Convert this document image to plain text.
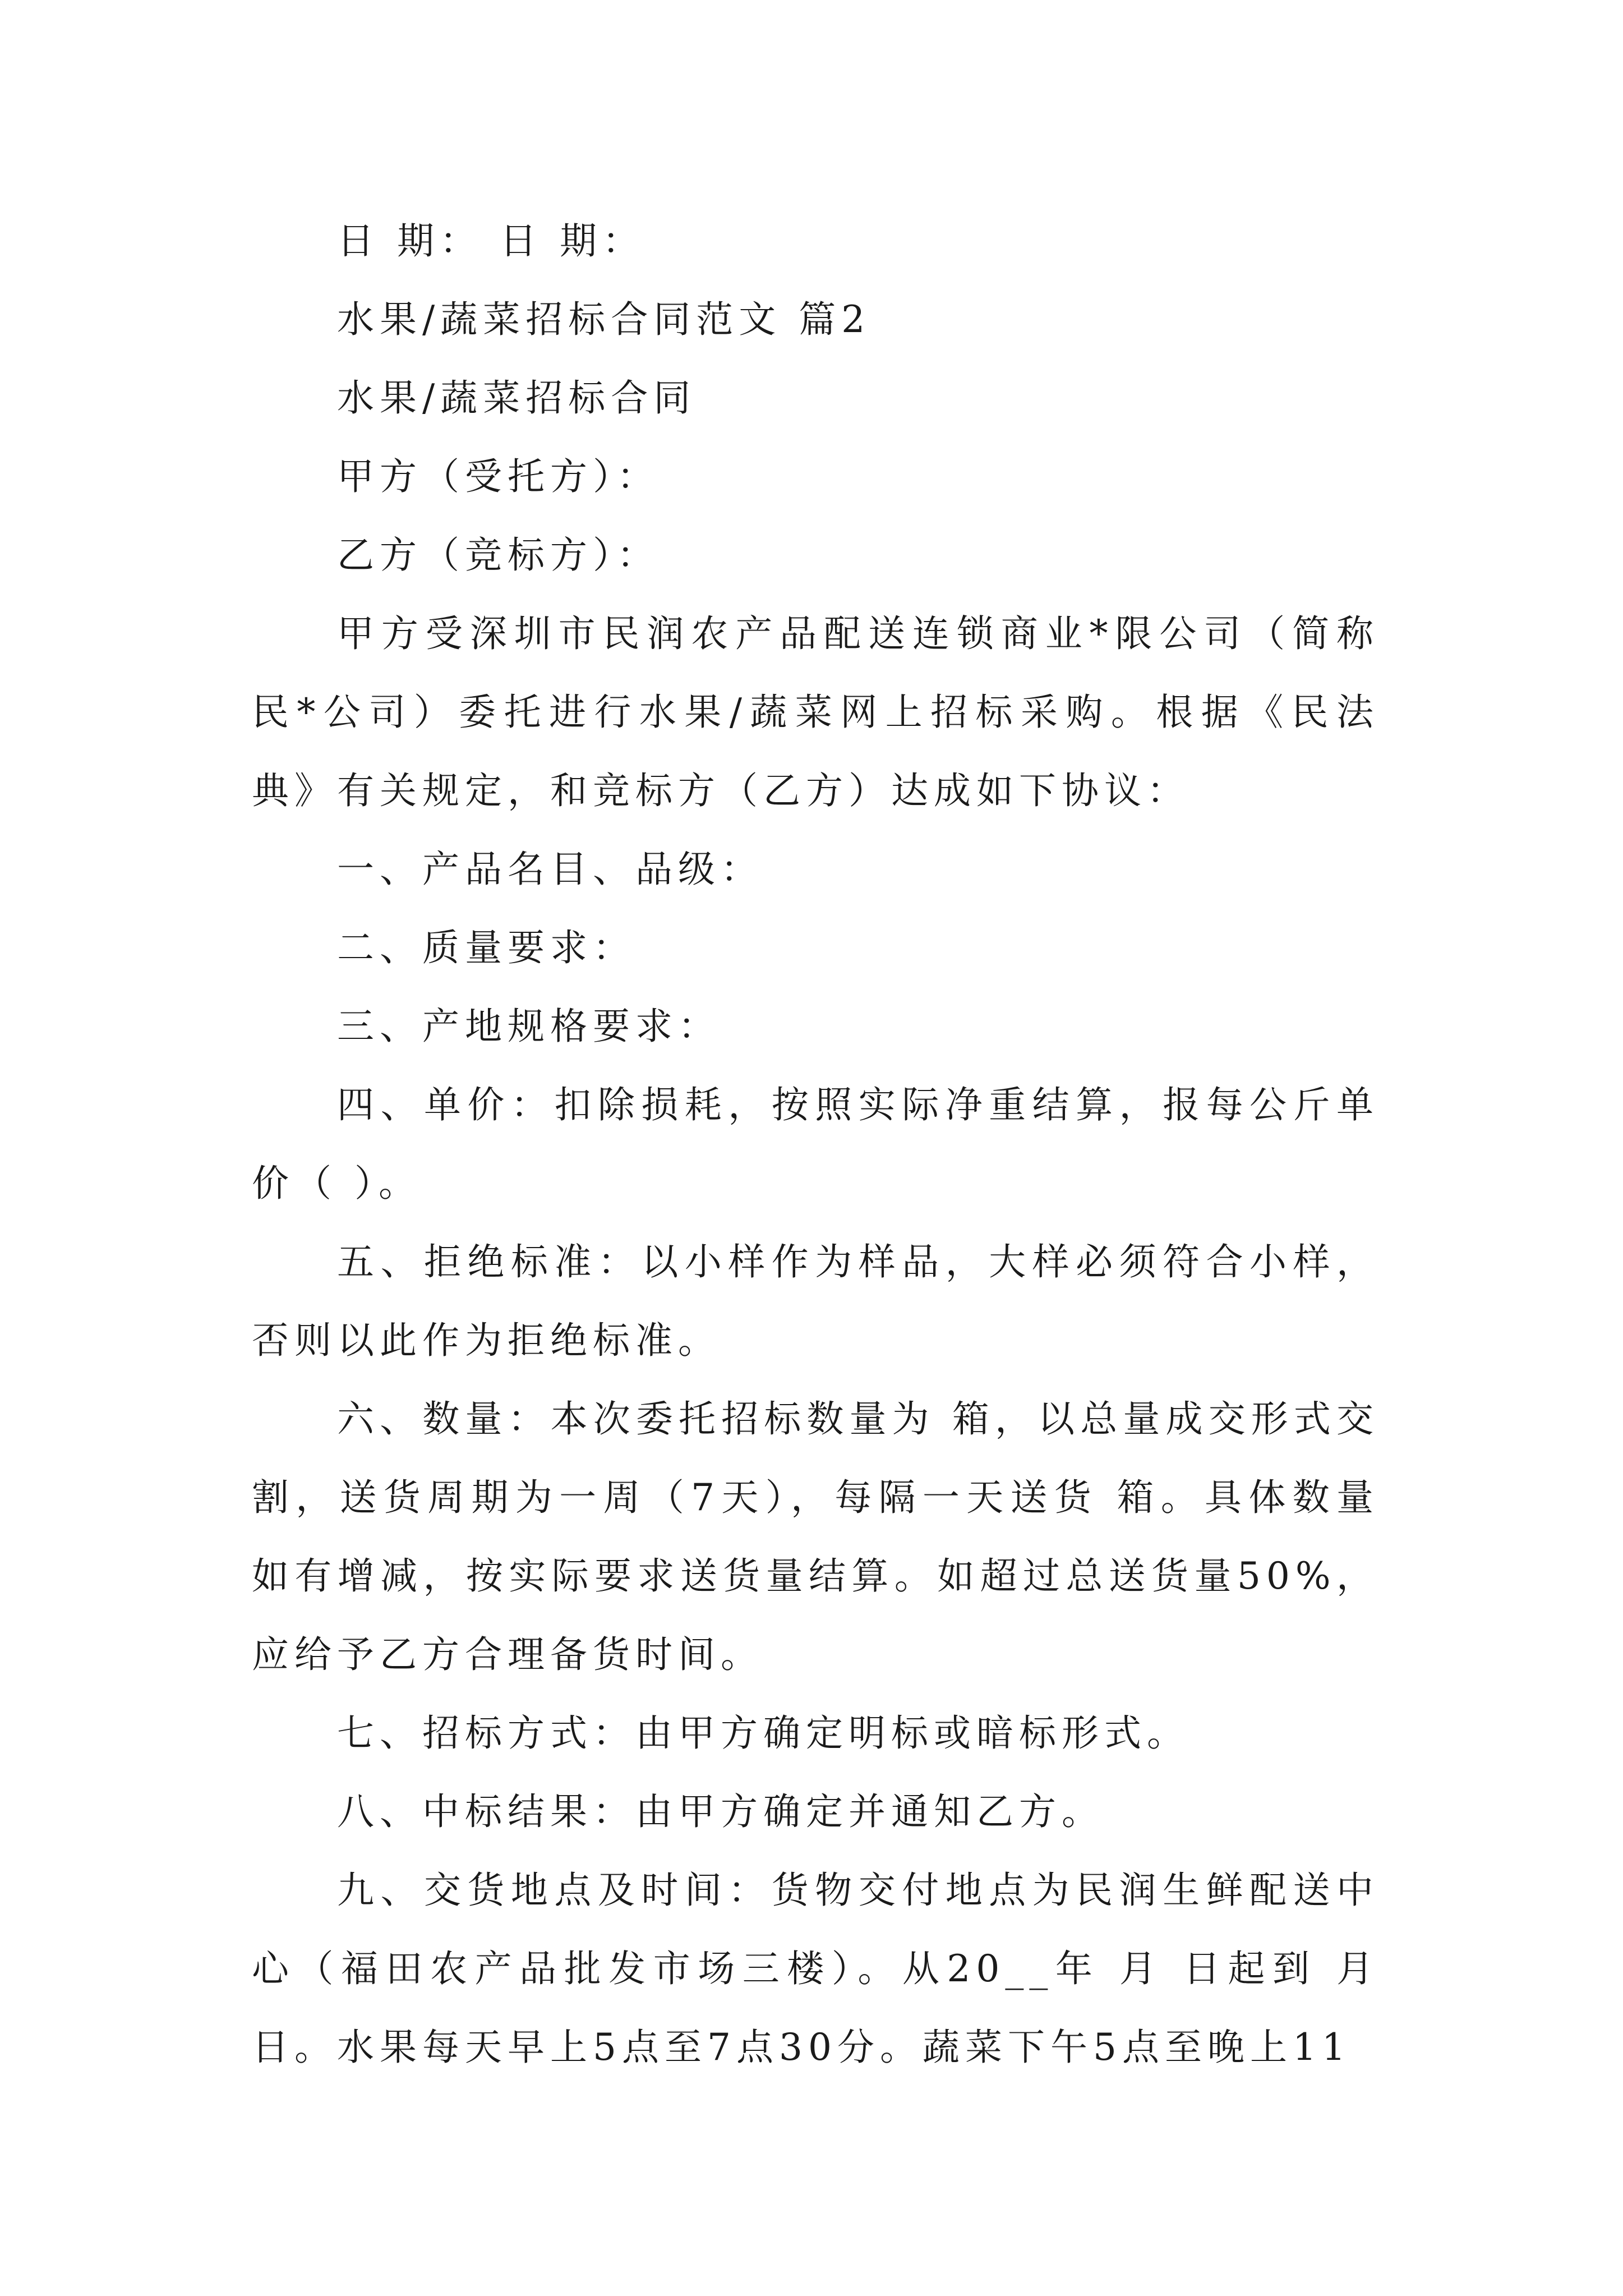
日 期： 日 期：

水果/蔬菜招标合同范文 篇2

水果/蔬菜招标合同

甲方（受托方）：

乙方（竞标方）：

甲方受深圳市民润农产品配送连锁商业*限公司（简称民*公司）委托进行水果/蔬菜网上招标采购。根据《民法典》有关规定，和竞标方（乙方）达成如下协议：

一、产品名目、品级：

二、质量要求：

三、产地规格要求：

四、单价：扣除损耗，按照实际净重结算，报每公斤单价（ ）。

五、拒绝标准：以小样作为样品，大样必须符合小样，否则以此作为拒绝标准。

六、数量：本次委托招标数量为 箱，以总量成交形式交割，送货周期为一周（7天），每隔一天送货 箱。具体数量如有增减，按实际要求送货量结算。如超过总送货量50%，应给予乙方合理备货时间。

七、招标方式：由甲方确定明标或暗标形式。

八、中标结果：由甲方确定并通知乙方。

九、交货地点及时间：货物交付地点为民润生鲜配送中心（福田农产品批发市场三楼）。从20__年 月 日起到 月 日。水果每天早上5点至7点30分。蔬菜下午5点至晚上11
